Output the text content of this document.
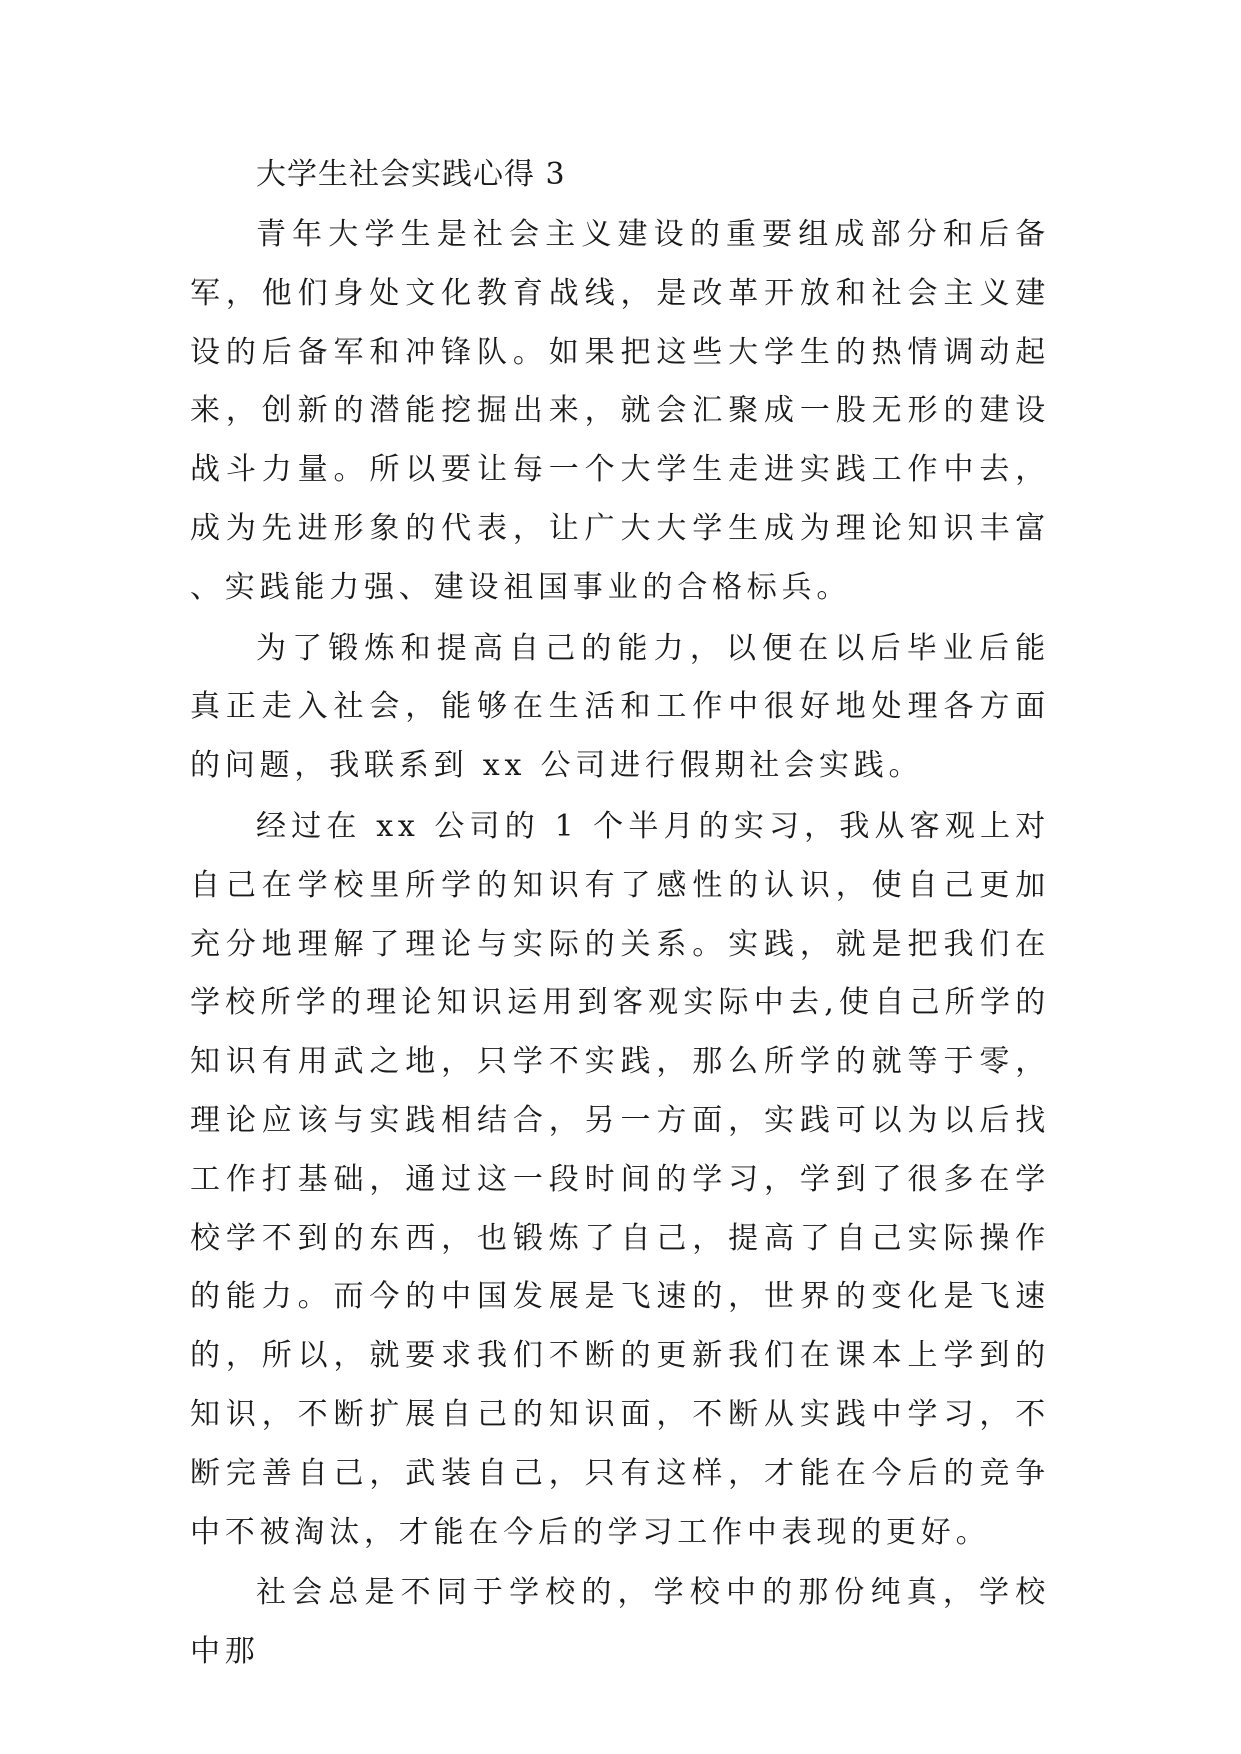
大学生社会实践心得 3

青年大学生是社会主义建设的重要组成部分和后备军，他们身处文化教育战线，是改革开放和社会主义建设的后备军和冲锋队。如果把这些大学生的热情调动起来，创新的潜能挖掘出来，就会汇聚成一股无形的建设战斗力量。所以要让每一个大学生走进实践工作中去，成为先进形象的代表，让广大大学生成为理论知识丰富、实践能力强、建设祖国事业的合格标兵。

为了锻炼和提高自己的能力，以便在以后毕业后能真正走入社会，能够在生活和工作中很好地处理各方面的问题，我联系到 xx 公司进行假期社会实践。

经过在 xx 公司的 1 个半月的实习，我从客观上对自己在学校里所学的知识有了感性的认识，使自己更加充分地理解了理论与实际的关系。实践，就是把我们在学校所学的理论知识运用到客观实际中去,使自己所学的知识有用武之地，只学不实践，那么所学的就等于零，理论应该与实践相结合，另一方面，实践可以为以后找工作打基础，通过这一段时间的学习，学到了很多在学校学不到的东西，也锻炼了自己，提高了自己实际操作的能力。而今的中国发展是飞速的，世界的变化是飞速的，所以，就要求我们不断的更新我们在课本上学到的知识，不断扩展自己的知识面，不断从实践中学习，不断完善自己，武装自己，只有这样，才能在今后的竞争中不被淘汰，才能在今后的学习工作中表现的更好。

社会总是不同于学校的，学校中的那份纯真，学校中那
